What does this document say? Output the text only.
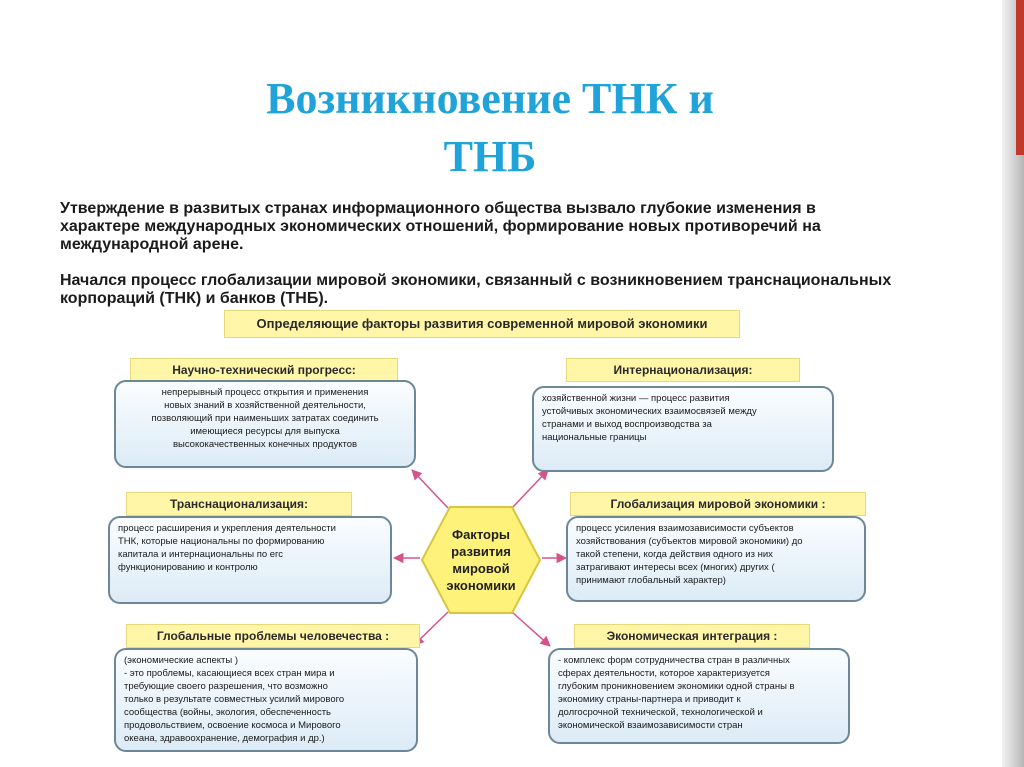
Возникновение ТНК и
ТНБ

Утверждение в развитых странах информационного общества вызвало глубокие изменения в характере международных экономических отношений, формирование новых противоречий на международной арене.

Начался процесс глобализации мировой экономики, связанный с возникновением транснациональных корпораций (ТНК) и банков (ТНБ).

Определяющие факторы развития современной мировой экономики
Научно-технический прогресс:
непрерывный процесс открытия и применения
новых знаний в хозяйственной деятельности,
позволяющий при наименьших затратах соединить
имеющиеся ресурсы для выпуска
высококачественных конечных продуктов
Интернационализация:
хозяйственной жизни — процесс развития
устойчивых экономических взаимосвязей между
странами и выход воспроизводства за
национальные границы
Транснационализация:
процесс расширения и укрепления деятельности
ТНК, которые национальны по формированию
капитала и интернациональны по егс
функционированию и контролю
Глобализация мировой экономики :
процесс усиления взаимозависимости субъектов
хозяйствования (субъектов мировой экономики) до
такой степени, когда действия одного из них
затрагивают интересы всех (многих) других (
принимают глобальный характер)
Глобальные проблемы человечества :
(экономические аспекты )
- это проблемы, касающиеся всех стран мира и
требующие своего разрешения, что возможно
только в результате совместных усилий мирового
сообщества (войны, экология, обеспеченность
продовольствием, освоение космоса и Мирового
океана, здравоохранение, демография и др.)
Экономическая интеграция :
- комплекс форм сотрудничества стран в различных
сферах деятельности, которое характеризуется
глубоким проникновением экономики одной страны в
экономику страны-партнера и приводит к
долгосрочной технической, технологической и
экономической взаимозависимости стран
Факторы
развития
мировой
экономики
